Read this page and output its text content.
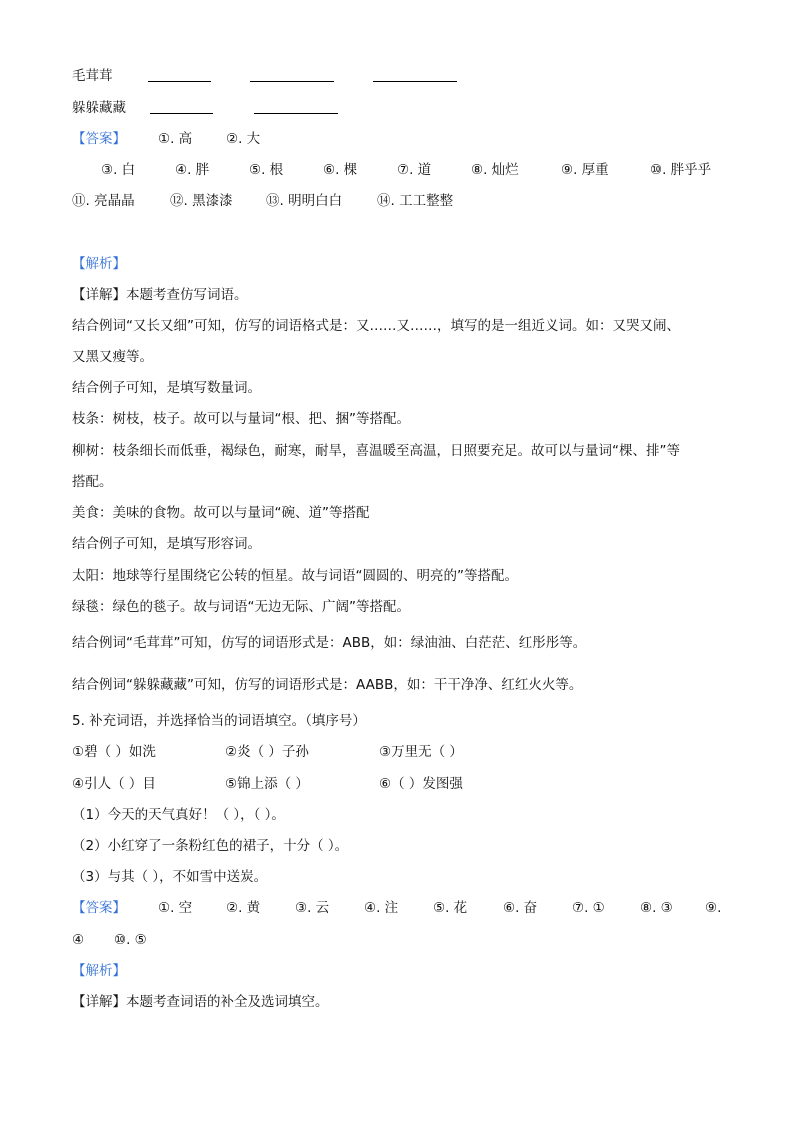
毛茸茸
躲躲藏藏
【答案】 ①. 高	②. 大
③. 白	④. 胖	⑤. 根	⑥. 棵	⑦. 道	⑧. 灿烂	⑨. 厚重	⑩. 胖乎乎
⑪. 亮晶晶	⑫. 黑漆漆 ⑬. 明明白白	⑭. 工工整整
【解析】
【详解】本题考查仿写词语。
结合例词“又长又细”可知，仿写的词语格式是：又……又……，填写的是一组近义词。如：又哭又闹、
又黑又瘦等。
结合例子可知，是填写数量词。
枝条：树枝，枝子。故可以与量词“根、把、捆”等搭配。
柳树：枝条细长而低垂，褐绿色，耐寒，耐旱，喜温暖至高温，日照要充足。故可以与量词“棵、排”等
搭配。
美食：美味的食物。故可以与量词“碗、道”等搭配
结合例子可知，是填写形容词。
太阳：地球等行星围绕它公转的恒星。故与词语“圆圆的、明亮的”等搭配。
绿毯：绿色的毯子。故与词语“无边无际、广阔”等搭配。
结合例词“毛茸茸”可知，仿写的词语形式是：ABB，如：绿油油、白茫茫、红彤彤等。
结合例词“躲躲藏藏”可知，仿写的词语形式是：AABB，如：干干净净、红红火火等。
5. 补充词语，并选择恰当的词语填空。（填序号）
①碧（ ）如洗	②炎（ ）子孙	③万里无（ ）
④引人（ ）目	⑤锦上添（ ）	⑥（ ）发图强
（1）今天的天气真好！（ ），（ ）。
（2）小红穿了一条粉红色的裙子，十分（ ）。
（3）与其（ ），不如雪中送炭。
【答案】 ①. 空	②. 黄	③. 云	④. 注	⑤. 花	⑥. 奋	⑦. ①	⑧. ③ ⑨.
④ ⑩. ⑤
【解析】
【详解】本题考查词语的补全及选词填空。
